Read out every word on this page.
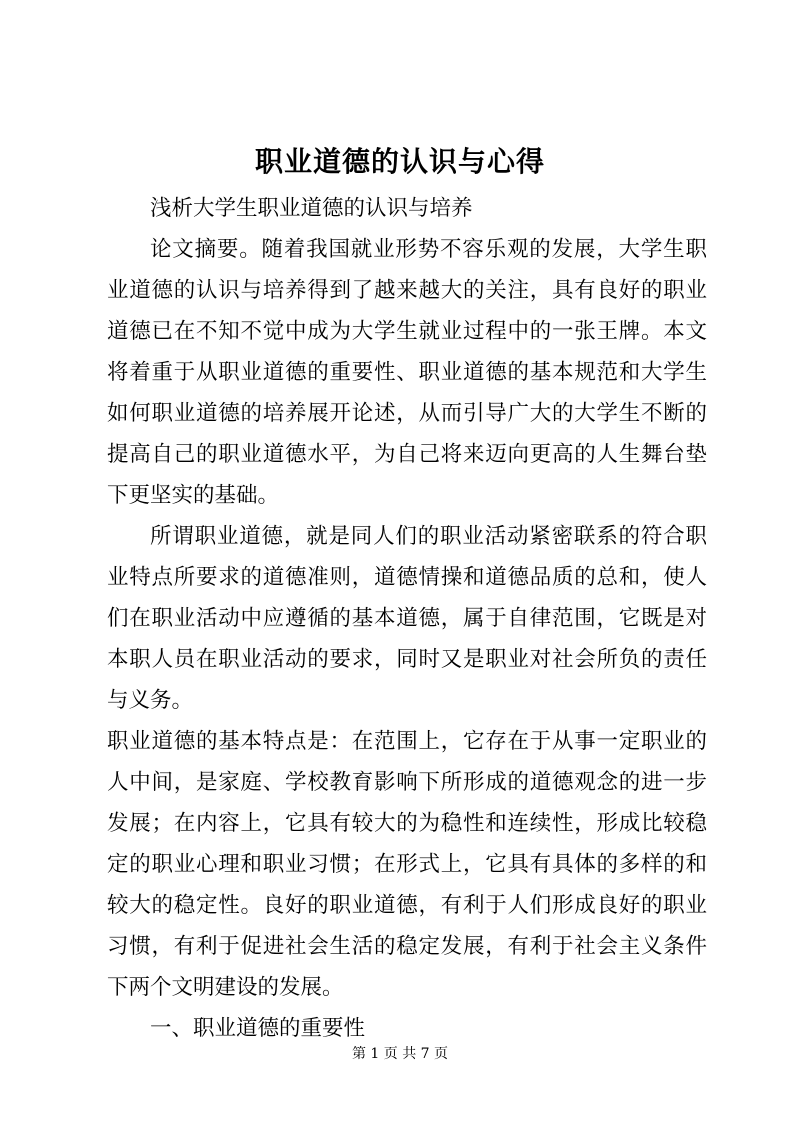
职业道德的认识与心得

浅析大学生职业道德的认识与培养

论文摘要。随着我国就业形势不容乐观的发展，大学生职业道德的认识与培养得到了越来越大的关注，具有良好的职业道德已在不知不觉中成为大学生就业过程中的一张王牌。本文将着重于从职业道德的重要性、职业道德的基本规范和大学生如何职业道德的培养展开论述，从而引导广大的大学生不断的提高自己的职业道德水平，为自己将来迈向更高的人生舞台垫下更坚实的基础。

所谓职业道德，就是同人们的职业活动紧密联系的符合职业特点所要求的道德准则，道德情操和道德品质的总和，使人们在职业活动中应遵循的基本道德，属于自律范围，它既是对本职人员在职业活动的要求，同时又是职业对社会所负的责任与义务。

职业道德的基本特点是：在范围上，它存在于从事一定职业的人中间，是家庭、学校教育影响下所形成的道德观念的进一步发展；在内容上，它具有较大的为稳性和连续性，形成比较稳定的职业心理和职业习惯；在形式上，它具有具体的多样的和较大的稳定性。良好的职业道德，有利于人们形成良好的职业习惯，有利于促进社会生活的稳定发展，有利于社会主义条件下两个文明建设的发展。

一、职业道德的重要性

第 1 页 共 7 页
